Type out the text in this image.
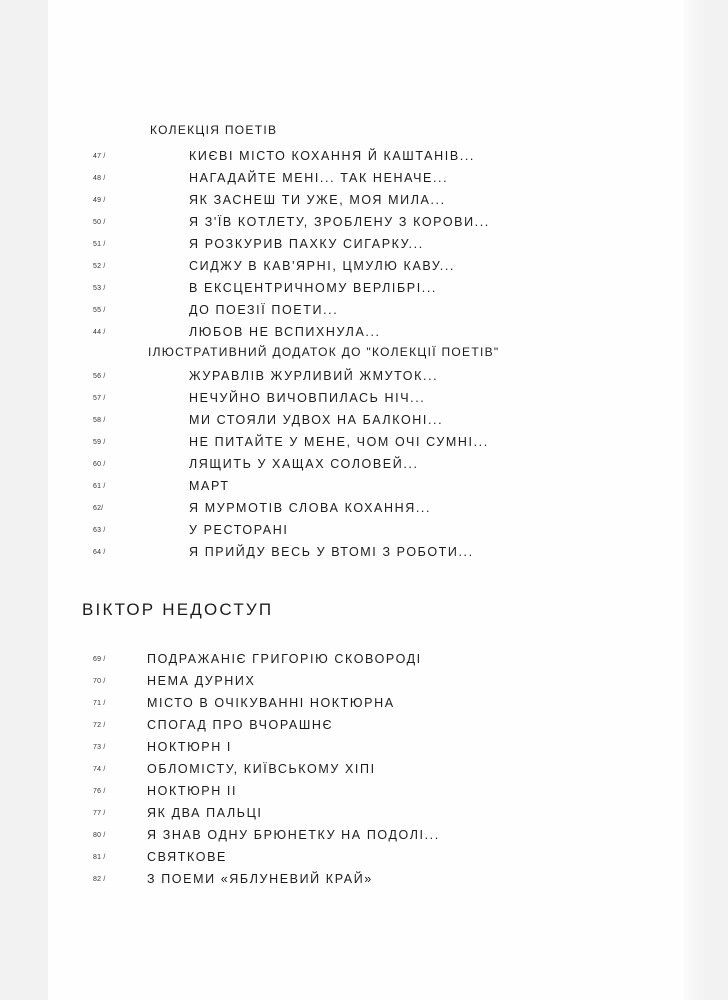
КОЛЕКЦІЯ ПОЕТІВ
ІЛЮСТРАТИВНИЙ ДОДАТОК ДО "КОЛЕКЦІЇ ПОЕТІВ"
ВІКТОР НЕДОСТУП
47 /	КИЄВІ МІСТО КОХАННЯ Й КАШТАНІВ...
48 /	НАГАДАЙТЕ МЕНІ... ТАК НЕНАЧЕ...
49 /	ЯК ЗАСНЕШ ТИ УЖЕ, МОЯ МИЛА...
50 /	Я З'ЇВ КОТЛЕТУ, ЗРОБЛЕНУ З КОРОВИ...
51 /	Я РОЗКУРИВ ПАХКУ СИГАРКУ...
52 /	СИДЖУ В КАВ'ЯРНІ, ЦМУЛЮ КАВУ...
53 /	В ЕКСЦЕНТРИЧНОМУ ВЕРЛІБРІ...
55 /	ДО ПОЕЗІЇ ПОЕТИ...
44 /	ЛЮБОВ НЕ ВСПИХНУЛА...
56 /	ЖУРАВЛІВ ЖУРЛИВИЙ ЖМУТОК...
57 /	НЕЧУЙНО ВИЧОВПИЛАСЬ НІЧ...
58 /	МИ СТОЯЛИ УДВОХ НА БАЛКОНІ...
59 /	НЕ ПИТАЙТЕ У МЕНЕ, ЧОМ ОЧІ СУМНІ...
60 /	ЛЯЩИТЬ У ХАЩАХ СОЛОВЕЙ...
61 /	МАРТ
62/	Я МУРМОТІВ СЛОВА КОХАННЯ...
63 /	У РЕСТОРАНІ
64 /	Я ПРИЙДУ ВЕСЬ У ВТОМІ З РОБОТИ...
69 /	ПОДРАЖАНІЄ ГРИГОРІЮ СКОВОРОДІ
70 /	НЕМА ДУРНИХ
71 /	МІСТО В ОЧІКУВАННІ НОКТЮРНА
72 /	СПОГАД ПРО ВЧОРАШНЄ
73 /	НОКТЮРН І
74 /	ОБЛОМІСТУ, КИЇВСЬКОМУ ХІПІ
76 /	НОКТЮРН ІІ
77 /	ЯК ДВА ПАЛЬЦІ
80 /	Я ЗНАВ ОДНУ БРЮНЕТКУ НА ПОДОЛІ...
81 /	СВЯТКОВЕ
82 /	З ПОЕМИ «ЯБЛУНЕВИЙ КРАЙ»
